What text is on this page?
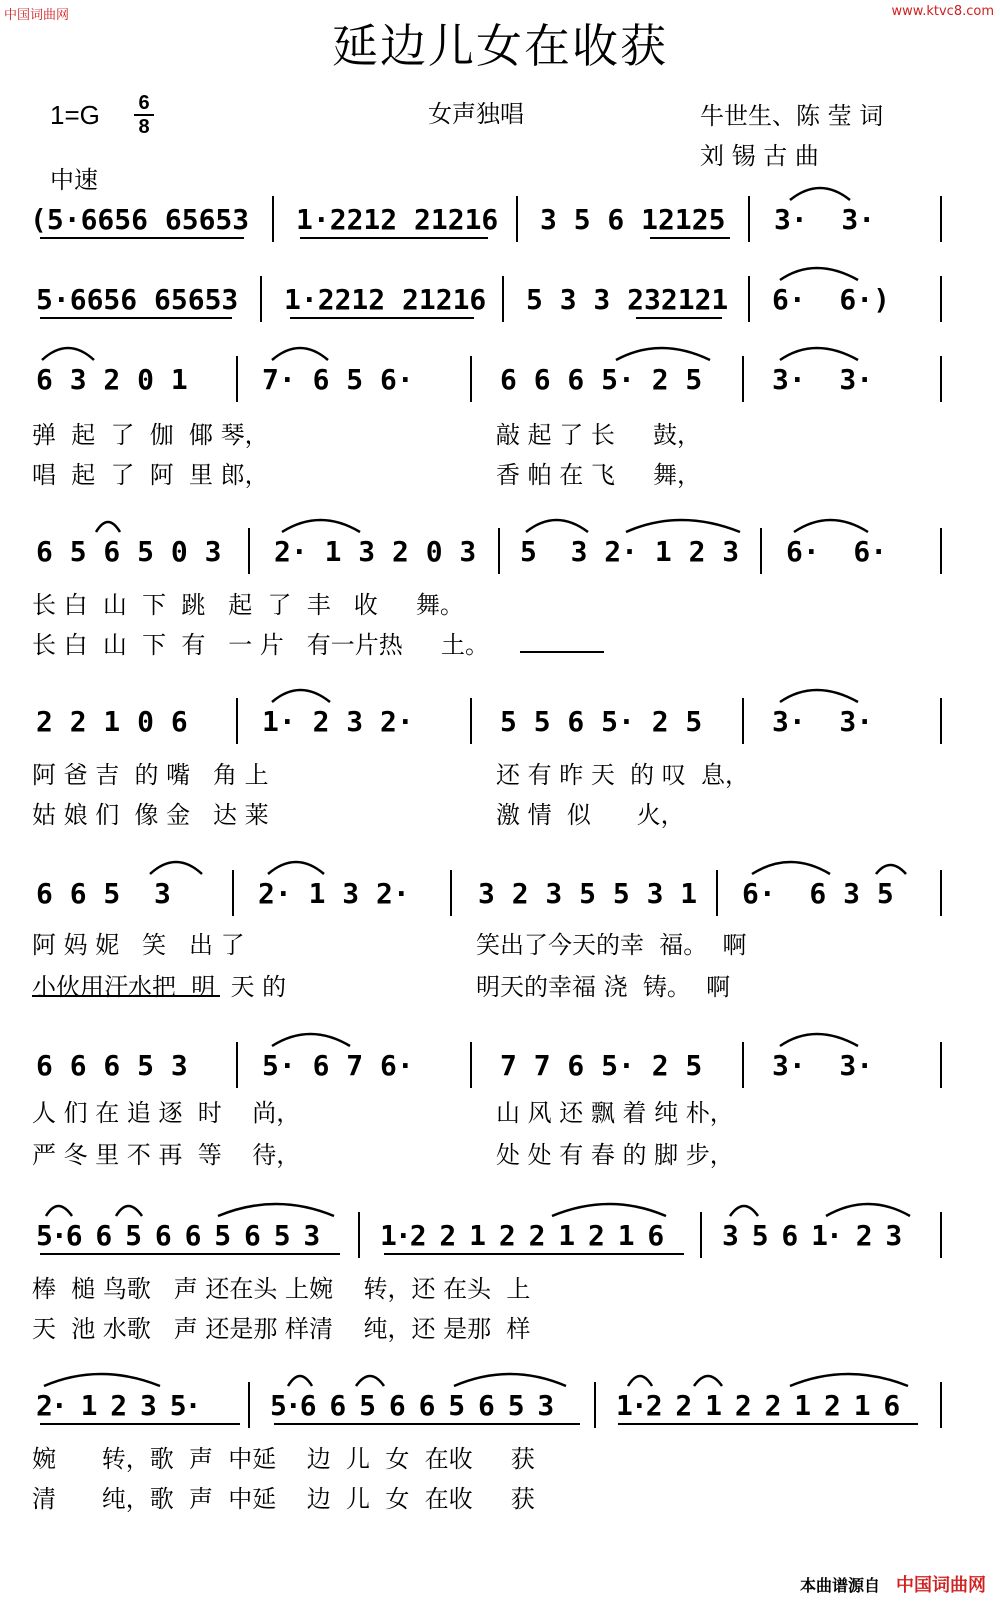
中国词曲网	www.ktvc8.com
延边儿女在收获
1=G	6
8	女声独唱	牛世生、陈 莹 词
刘 锡 古 曲
中速

(5·6656 65653

1·2212 21216

3 5 6 12125

3·  3·

5·6656 65653

1·2212 21216

5 3 3 232121

6·  6·)

6 3 2 0 1

	7· 6 5 6·

	6 6 6 5· 2 5

3·  3·

弹  起  了  伽  倻 琴，

	敲 起 了 长     鼓，

唱  起  了  阿  里 郎，

	香 帕 在 飞     舞，

6 5 6 5 0 3

2· 1 3 2 0 3

5  3 2· 1 2 3

6·  6·

长 白  山  下  跳   起  了  丰   收     舞。

长 白  山  下  有   一 片   有一片热     土。

2 2 1 0 6

	1· 2 3 2·

	5 5 6 5· 2 5

3·  3·

阿 爸 吉  的 嘴   角 上

	还 有 昨 天  的 叹  息，

姑 娘 们  像 金   达 莱

	激 情  似      火，

6 6 5  3

	2· 1 3 2·

3 2 3 5 5 3 1

6·  6 3 5

阿 妈 妮   笑   出 了

	笑出了今天的幸  福。  啊

小伙用汗水把  明  天 的

	明天的幸福 浇  铸。  啊

6 6 6 5 3

	5· 6 7 6·

	7 7 6 5· 2 5

3·  3·

人 们 在 追 逐  时    尚，

	山 风 还 飘 着 纯 朴，

严 冬 里 不 再  等    待，

	处 处 有 春 的 脚 步，

5·6 6 5 6 6 5 6 5 3

1·2 2 1 2 2 1 2 1 6

3 5 6 1· 2 3

棒  槌 鸟歌   声 还在头 上婉    转，还 在头  上

天  池 水歌   声 还是那 样清    纯，还 是那  样

2· 1 2 3 5·

	5·6 6 5 6 6 5 6 5 3

1·2 2 1 2 2 1 2 1 6

婉      转，歌  声  中延    边  儿  女  在收     获

清      纯，歌  声  中延    边  儿  女  在收     获

本曲谱源自 中国词曲网
